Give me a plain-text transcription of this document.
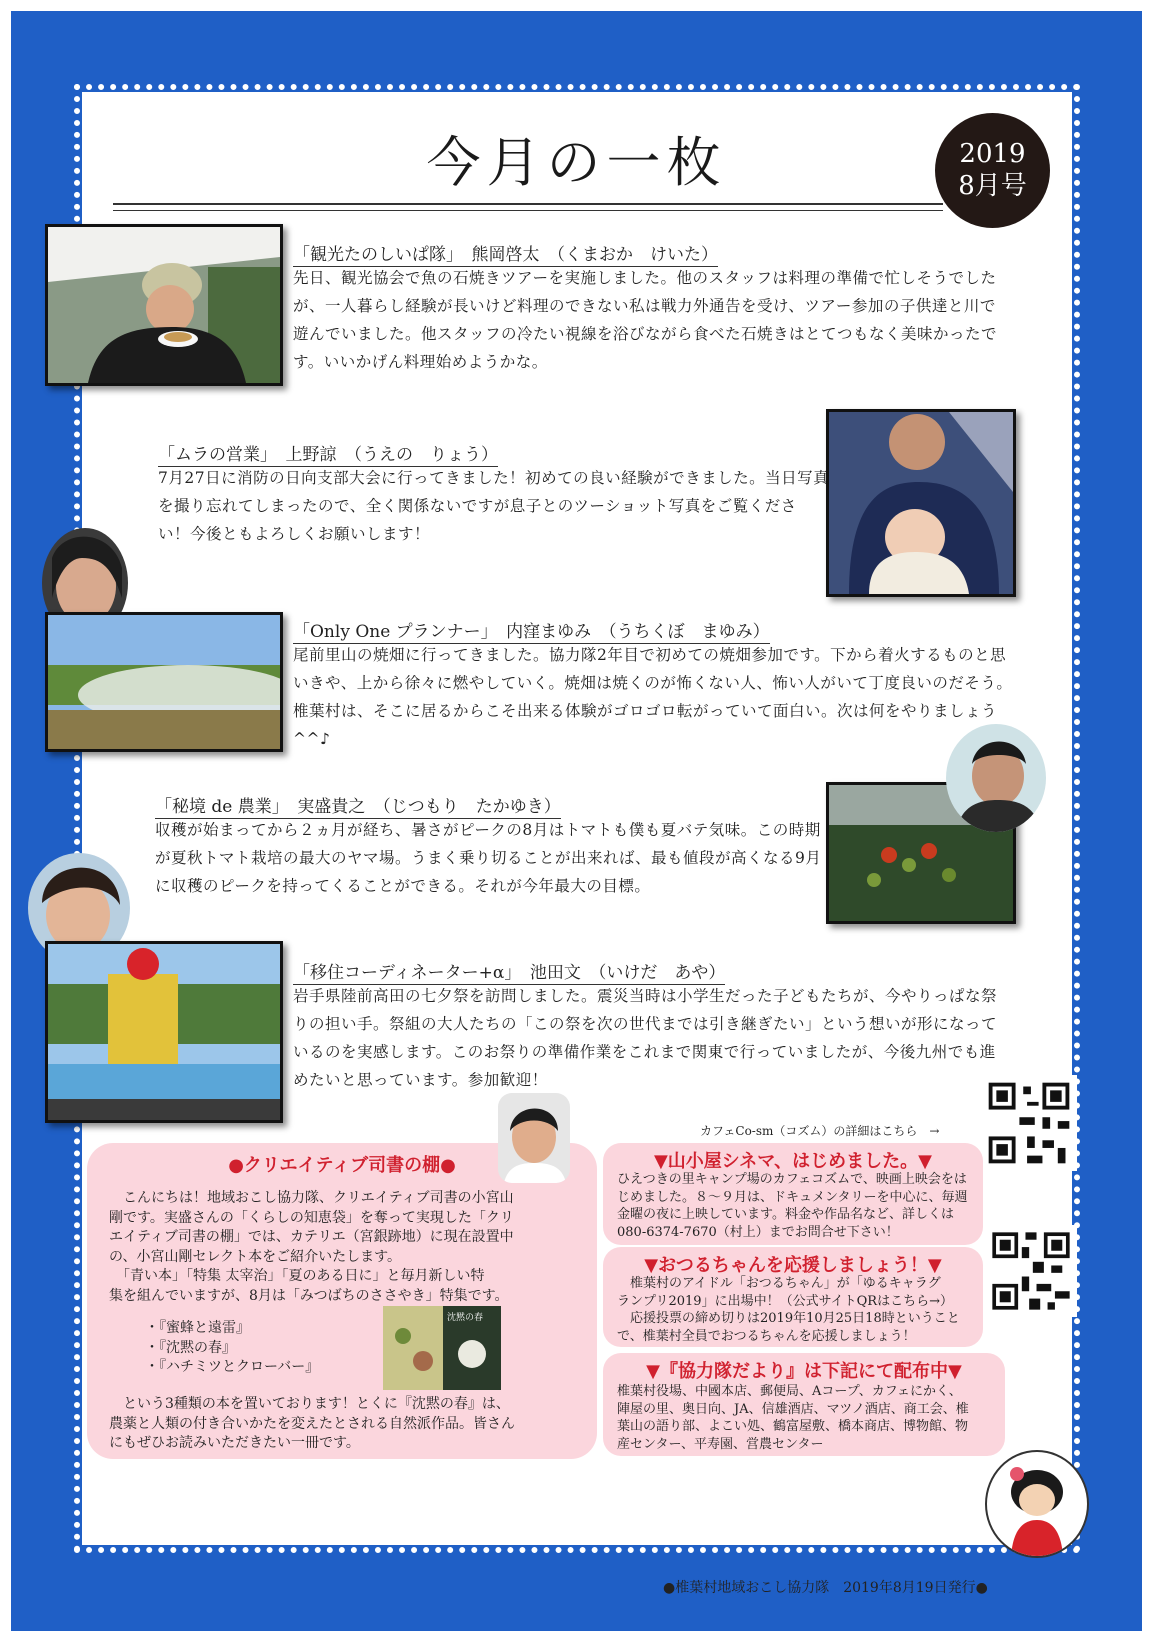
今月の一枚	2019
8月号
「観光たのしいぱ隊」　熊岡啓太　（くまおか　けいた）
先日、観光協会で魚の石焼きツアーを実施しました。他のスタッフは料理の準備で忙しそうでした
が、一人暮らし経験が長いけど料理のできない私は戦力外通告を受け、ツアー参加の子供達と川で
遊んでいました。他スタッフの冷たい視線を浴びながら食べた石焼きはとてつもなく美味かったで
す。いいかげん料理始めようかな。
「ムラの営業」　上野諒　（うえの　りょう）
7月27日に消防の日向支部大会に行ってきました！初めての良い経験ができました。当日写真
を撮り忘れてしまったので、全く関係ないですが息子とのツーショット写真をご覧くださ
い！今後ともよろしくお願いします！
「Only One プランナー」　内窪まゆみ　（うちくぼ　まゆみ）
尾前里山の焼畑に行ってきました。協力隊2年目で初めての焼畑参加です。下から着火するものと思
いきや、上から徐々に燃やしていく。焼畑は焼くのが怖くない人、怖い人がいて丁度良いのだそう。
椎葉村は、そこに居るからこそ出来る体験がゴロゴロ転がっていて面白い。次は何をやりましょう
^^♪
「秘境 de 農業」　実盛貴之　（じつもり　たかゆき）
収穫が始まってから２ヵ月が経ち、暑さがピークの8月はトマトも僕も夏バテ気味。この時期
が夏秋トマト栽培の最大のヤマ場。うまく乗り切ることが出来れば、最も値段が高くなる9月
に収穫のピークを持ってくることができる。それが今年最大の目標。
「移住コーディネーター+α」　池田文　（いけだ　あや）
岩手県陸前高田の七夕祭を訪問しました。震災当時は小学生だった子どもたちが、今やりっぱな祭
りの担い手。祭組の大人たちの「この祭を次の世代までは引き継ぎたい」という想いが形になって
いるのを実感します。このお祭りの準備作業をこれまで関東で行っていましたが、今後九州でも進
めたいと思っています。参加歓迎！
●クリエイティブ司書の棚●
　こんにちは！地域おこし協力隊、クリエイティブ司書の小宮山
剛です。実盛さんの「くらしの知恵袋」を奪って実現した「クリ
エイティブ司書の棚」では、カテリエ（宮銀跡地）に現在設置中
の、小宮山剛セレクト本をご紹介いたします。
　「青い本」「特集 太宰治」「夏のある日に」と毎月新しい特
集を組んでいますが、8月は「みつばちのささやき」特集です。
・『蜜蜂と遠雷』
・『沈黙の春』
・『ハチミツとクローバー』
　という3種類の本を置いております！とくに『沈黙の春』は、
農薬と人類の付き合いかたを変えたとされる自然派作品。皆さん
にもぜひお読みいただきたい一冊です。
沈黙の春
カフェCo-sm（コズム）の詳細はこちら　→
▼山小屋シネマ、はじめました。▼
ひえつきの里キャンプ場のカフェコズムで、映画上映会をは
じめました。８～９月は、ドキュメンタリーを中心に、毎週
金曜の夜に上映しています。料金や作品名など、詳しくは
080-6374-7670（村上）までお問合せ下さい！
▼おつるちゃんを応援しましょう！▼
　椎葉村のアイドル「おつるちゃん」が「ゆるキャラグ
ランプリ2019」に出場中！（公式サイトQRはこちら→）
　応援投票の締め切りは2019年10月25日18時ということ
で、椎葉村全員でおつるちゃんを応援しましょう！
▼『協力隊だより』は下記にて配布中▼
椎葉村役場、中國本店、郵便局、Aコープ、カフェにかく、
陣屋の里、奥日向、JA、信雄酒店、マツノ酒店、商工会、椎
葉山の語り部、よこい処、鶴富屋敷、橋本商店、博物館、物
産センター、平寿園、営農センター
●椎葉村地域おこし協力隊　2019年8月19日発行●
